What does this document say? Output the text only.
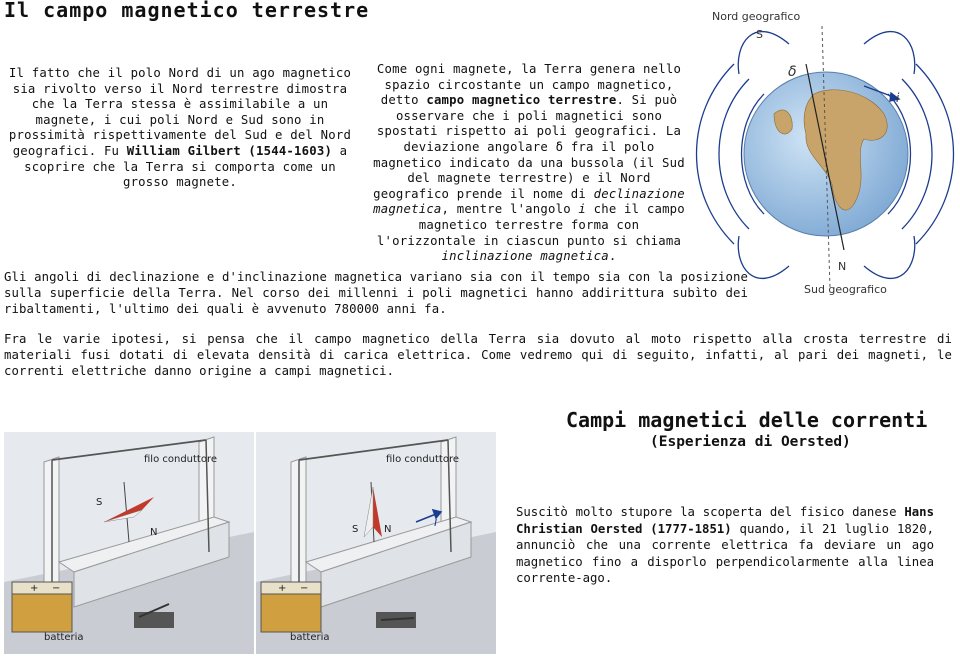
Il campo magnetico terrestre
Il fatto che il polo Nord di un ago magnetico sia rivolto verso il Nord terrestre dimostra che la Terra stessa è assimilabile a un magnete, i cui poli Nord e Sud sono in prossimità rispettivamente del Sud e del Nord geografici. Fu William Gilbert (1544-1603) a scoprire che la Terra si comporta come un grosso magnete.
Come ogni magnete, la Terra genera nello spazio circostante un campo magnetico, detto campo magnetico terrestre. Si può osservare che i poli magnetici sono spostati rispetto ai poli geografici. La deviazione angolare δ fra il polo magnetico indicato da una bussola (il Sud del magnete terrestre) e il Nord geografico prende il nome di declinazione magnetica, mentre l'angolo i che il campo magnetico terrestre forma con l'orizzontale in ciascun punto si chiama inclinazione magnetica.
Nord geografico
S
δ
i
N
Sud geografico
Gli angoli di declinazione e d'inclinazione magnetica variano sia con il tempo sia con la posizione sulla superficie della Terra. Nel corso dei millenni i poli magnetici hanno addirittura subìto dei ribaltamenti, l'ultimo dei quali è avvenuto 780000 anni fa.
Fra le varie ipotesi, si pensa che il campo magnetico della Terra sia dovuto al moto rispetto alla crosta terrestre di materiali fusi dotati di elevata densità di carica elettrica. Come vedremo qui di seguito, infatti, al pari dei magneti, le correnti elettriche danno origine a campi magnetici.
filo conduttore
S
N
+ −
batteria
filo conduttore
S	N
i
+ −
batteria
Campi magnetici delle correnti
(Esperienza di Oersted)
Suscitò molto stupore la scoperta del fisico danese Hans Christian Oersted (1777-1851) quando, il 21 luglio 1820, annunciò che una corrente elettrica fa deviare un ago magnetico fino a disporlo perpendicolarmente alla linea corrente-ago.
